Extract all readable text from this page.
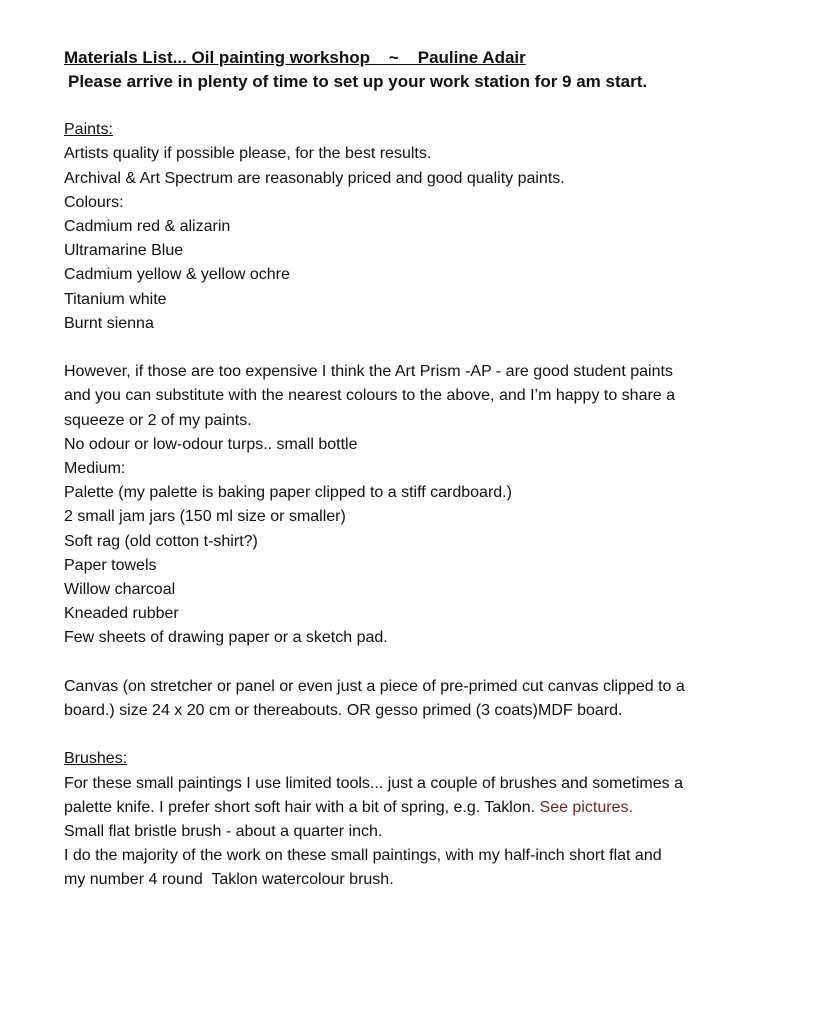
Materials List... Oil painting workshop    ~    Pauline Adair
Please arrive in plenty of time to set up your work station for 9 am start.
Paints:
Artists quality if possible please, for the best results.
Archival & Art Spectrum are reasonably priced and good quality paints.
Colours:
Cadmium red & alizarin
Ultramarine Blue
Cadmium yellow & yellow ochre
Titanium white
Burnt sienna
However, if those are too expensive I think the Art Prism -AP - are good student paints
and you can substitute with the nearest colours to the above, and I’m happy to share a
squeeze or 2 of my paints.
No odour or low-odour turps.. small bottle
Medium:
Palette (my palette is baking paper clipped to a stiff cardboard.)
2 small jam jars (150 ml size or smaller)
Soft rag (old cotton t-shirt?)
Paper towels
Willow charcoal
Kneaded rubber
Few sheets of drawing paper or a sketch pad.
Canvas (on stretcher or panel or even just a piece of pre-primed cut canvas clipped to a
board.) size 24 x 20 cm or thereabouts. OR gesso primed (3 coats)MDF board.
Brushes:
For these small paintings I use limited tools... just a couple of brushes and sometimes a
palette knife. I prefer short soft hair with a bit of spring, e.g. Taklon. See pictures.
Small flat bristle brush - about a quarter inch.
I do the majority of the work on these small paintings, with my half-inch short flat and
my number 4 round  Taklon watercolour brush.
